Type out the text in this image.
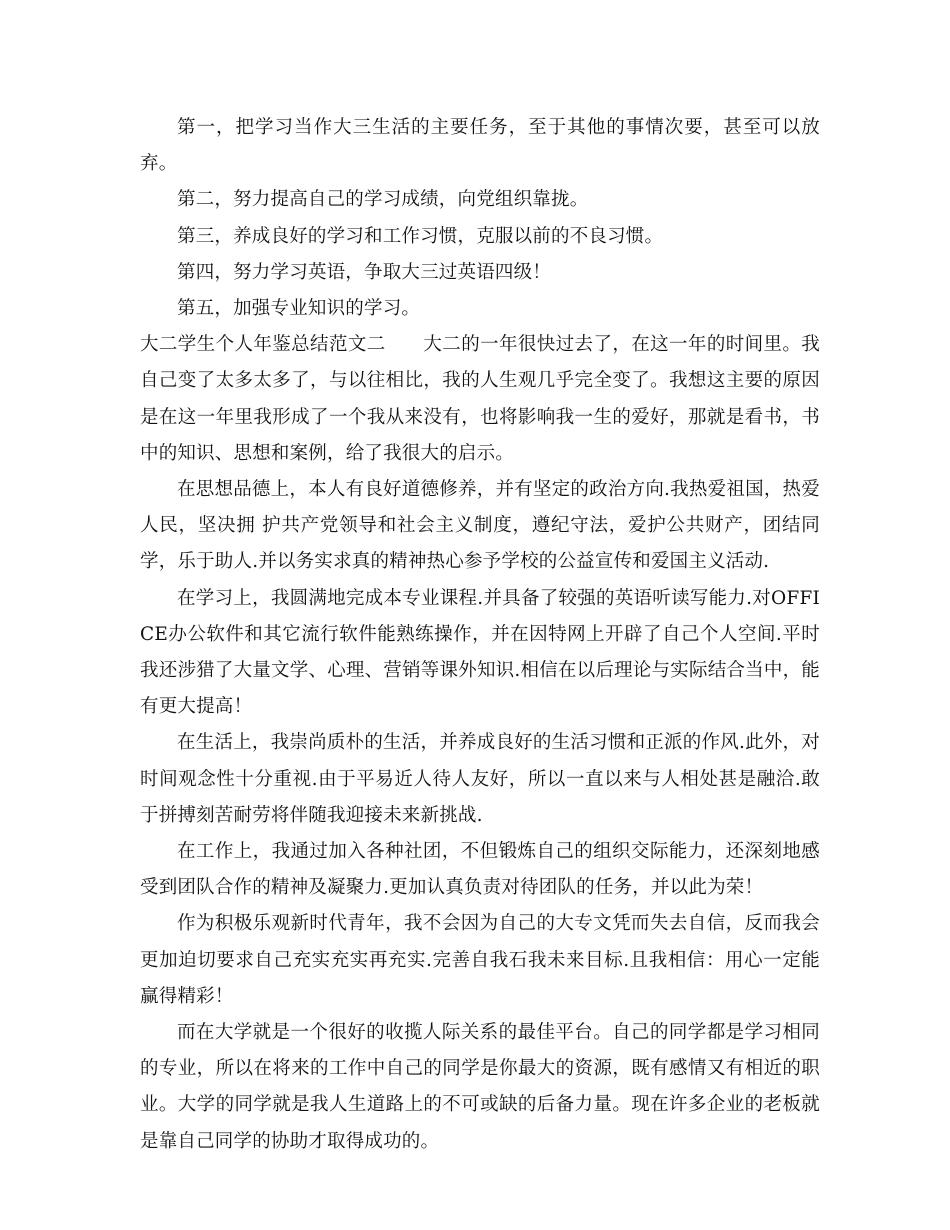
第一，把学习当作大三生活的主要任务，至于其他的事情次要，甚至可以放弃。

第二，努力提高自己的学习成绩，向党组织靠拢。

第三，养成良好的学习和工作习惯，克服以前的不良习惯。

第四，努力学习英语，争取大三过英语四级！

第五，加强专业知识的学习。

大二学生个人年鉴总结范文二　　大二的一年很快过去了，在这一年的时间里。我自己变了太多太多了，与以往相比，我的人生观几乎完全变了。我想这主要的原因是在这一年里我形成了一个我从来没有，也将影响我一生的爱好，那就是看书，书中的知识、思想和案例，给了我很大的启示。

在思想品德上，本人有良好道德修养，并有坚定的政治方向.我热爱祖国，热爱人民，坚决拥 护共产党领导和社会主义制度，遵纪守法，爱护公共财产，团结同学，乐于助人.并以务实求真的精神热心参予学校的公益宣传和爱国主义活动.

在学习上，我圆满地完成本专业课程.并具备了较强的英语听读写能力.对OFFICE办公软件和其它流行软件能熟练操作，并在因特网上开辟了自己个人空间.平时我还涉猎了大量文学、心理、营销等课外知识.相信在以后理论与实际结合当中，能有更大提高！

在生活上，我崇尚质朴的生活，并养成良好的生活习惯和正派的作风.此外，对时间观念性十分重视.由于平易近人待人友好，所以一直以来与人相处甚是融洽.敢于拼搏刻苦耐劳将伴随我迎接未来新挑战.

在工作上，我通过加入各种社团，不但锻炼自己的组织交际能力，还深刻地感受到团队合作的精神及凝聚力.更加认真负责对待团队的任务，并以此为荣！

作为积极乐观新时代青年，我不会因为自己的大专文凭而失去自信，反而我会更加迫切要求自己充实充实再充实.完善自我石我未来目标.且我相信：用心一定能赢得精彩！

而在大学就是一个很好的收揽人际关系的最佳平台。自己的同学都是学习相同的专业，所以在将来的工作中自己的同学是你最大的资源，既有感情又有相近的职业。大学的同学就是我人生道路上的不可或缺的后备力量。现在许多企业的老板就是靠自己同学的协助才取得成功的。
